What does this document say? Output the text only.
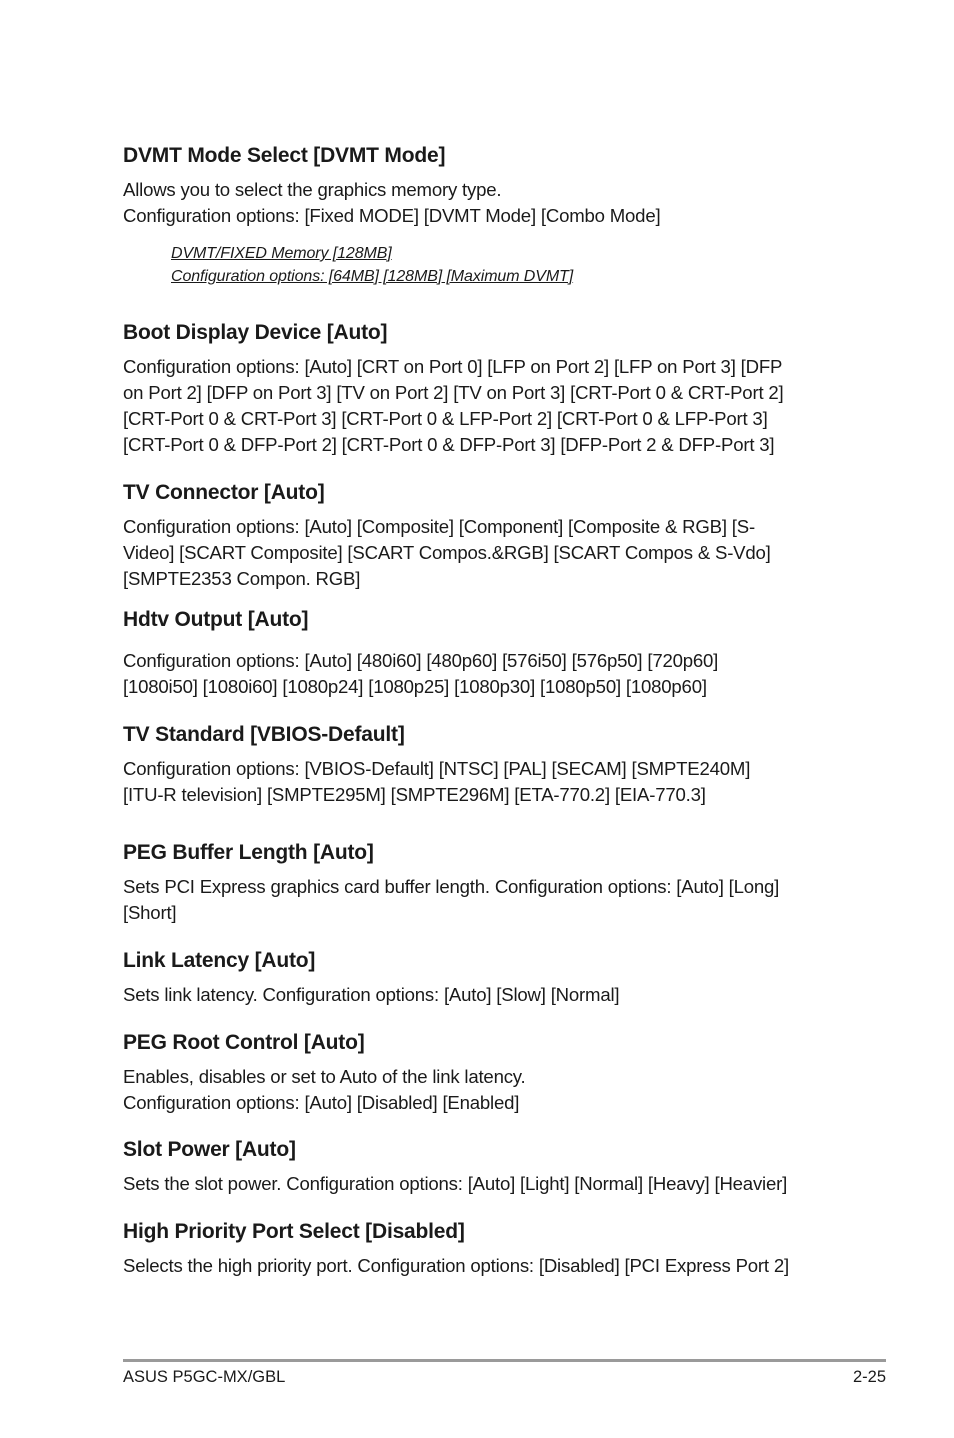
DVMT Mode Select [DVMT Mode]
Allows you to select the graphics memory type.
Configuration options: [Fixed MODE] [DVMT Mode] [Combo Mode]
DVMT/FIXED Memory [128MB]
Configuration options: [64MB] [128MB] [Maximum DVMT]
Boot Display Device [Auto]
Configuration options: [Auto] [CRT on Port 0] [LFP on Port 2] [LFP on Port 3] [DFP
on Port 2] [DFP on Port 3] [TV on Port 2] [TV on Port 3] [CRT-Port 0 & CRT-Port 2]
[CRT-Port 0 & CRT-Port 3] [CRT-Port 0 & LFP-Port 2] [CRT-Port 0 & LFP-Port 3]
[CRT-Port 0 & DFP-Port 2] [CRT-Port 0 & DFP-Port 3] [DFP-Port 2 & DFP-Port 3]
TV Connector [Auto]
Configuration options: [Auto] [Composite] [Component] [Composite & RGB] [S-
Video] [SCART Composite] [SCART Compos.&RGB] [SCART Compos & S-Vdo]
[SMPTE2353 Compon. RGB]
Hdtv Output [Auto]
Configuration options: [Auto] [480i60] [480p60] [576i50] [576p50] [720p60]
[1080i50] [1080i60] [1080p24] [1080p25] [1080p30] [1080p50] [1080p60]
TV Standard [VBIOS-Default]
Configuration options: [VBIOS-Default] [NTSC] [PAL] [SECAM] [SMPTE240M]
[ITU-R television] [SMPTE295M] [SMPTE296M] [ETA-770.2] [EIA-770.3]
PEG Buffer Length [Auto]
Sets PCI Express graphics card buffer length. Configuration options: [Auto] [Long]
[Short]
Link Latency [Auto]
Sets link latency. Configuration options: [Auto] [Slow] [Normal]
PEG Root Control [Auto]
Enables, disables or set to Auto of the link latency.
Configuration options: [Auto] [Disabled] [Enabled]
Slot Power [Auto]
Sets the slot power. Configuration options: [Auto] [Light] [Normal] [Heavy] [Heavier]
High Priority Port Select [Disabled]
Selects the high priority port. Configuration options: [Disabled] [PCI Express Port 2]
ASUS P5GC-MX/GBL	2-25
